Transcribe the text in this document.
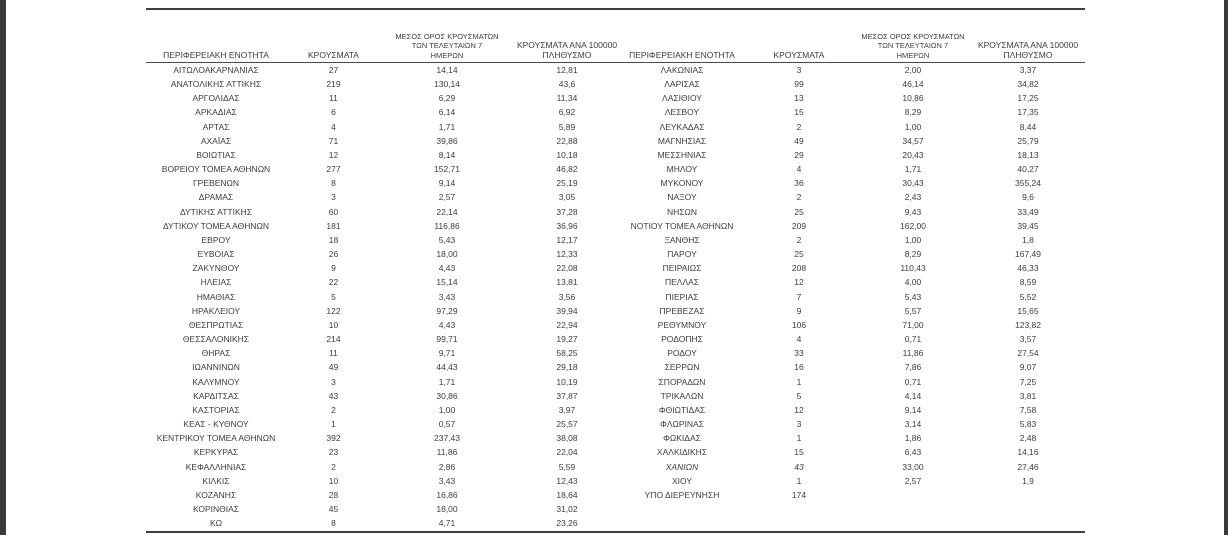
ΠΕΡΙΦΕΡΕΙΑΚΗ ΕΝΟΤΗΤΑ	ΚΡΟΥΣΜΑΤΑ	ΜΕΣΟΣ ΟΡΟΣ ΚΡΟΥΣΜΑΤΩΝ
ΤΩΝ ΤΕΛΕΥΤΑΙΩΝ 7
ΗΜΕΡΩΝ	ΚΡΟΥΣΜΑΤΑ ΑΝΑ 100000
ΠΛΗΘΥΣΜΟ	ΠΕΡΙΦΕΡΕΙΑΚΗ ΕΝΟΤΗΤΑ	ΚΡΟΥΣΜΑΤΑ	ΜΕΣΟΣ ΟΡΟΣ ΚΡΟΥΣΜΑΤΩΝ
ΤΩΝ ΤΕΛΕΥΤΑΙΩΝ 7
ΗΜΕΡΩΝ	ΚΡΟΥΣΜΑΤΑ ΑΝΑ 100000
ΠΛΗΘΥΣΜΟ

ΑΙΤΩΛΟΑΚΑΡΝΑΝΙΑΣ	27	14,14	12,81	ΛΑΚΩΝΙΑΣ	3	2,00	3,37
ΑΝΑΤΟΛΙΚΗΣ ΑΤΤΙΚΗΣ	219	130,14	43,6	ΛΑΡΙΣΑΣ	99	46,14	34,82
ΑΡΓΟΛΙΔΑΣ	11	6,29	11,34	ΛΑΣΙΘΙΟΥ	13	10,86	17,25
ΑΡΚΑΔΙΑΣ	6	6,14	6,92	ΛΕΣΒΟΥ	15	8,29	17,35
ΑΡΤΑΣ	4	1,71	5,89	ΛΕΥΚΑΔΑΣ	2	1,00	8,44
ΑΧΑΪΑΣ	71	39,86	22,88	ΜΑΓΝΗΣΙΑΣ	49	34,57	25,79
ΒΟΙΩΤΙΑΣ	12	8,14	10,18	ΜΕΣΣΗΝΙΑΣ	29	20,43	18,13
ΒΟΡΕΙΟΥ ΤΟΜΕΑ ΑΘΗΝΩΝ	277	152,71	46,82	ΜΗΛΟΥ	4	1,71	40,27
ΓΡΕΒΕΝΩΝ	8	9,14	25,19	ΜΥΚΟΝΟΥ	36	30,43	355,24
ΔΡΑΜΑΣ	3	2,57	3,05	ΝΑΞΟΥ	2	2,43	9,6
ΔΥΤΙΚΗΣ ΑΤΤΙΚΗΣ	60	22,14	37,28	ΝΗΣΩΝ	25	9,43	33,49
ΔΥΤΙΚΟΥ ΤΟΜΕΑ ΑΘΗΝΩΝ	181	116,86	36,96	ΝΟΤΙΟΥ ΤΟΜΕΑ ΑΘΗΝΩΝ	209	162,00	39,45
ΕΒΡΟΥ	18	5,43	12,17	ΞΑΝΘΗΣ	2	1,00	1,8
ΕΥΒΟΙΑΣ	26	18,00	12,33	ΠΑΡΟΥ	25	8,29	167,49
ΖΑΚΥΝΘΟΥ	9	4,43	22,08	ΠΕΙΡΑΙΩΣ	208	110,43	46,33
ΗΛΕΙΑΣ	22	15,14	13,81	ΠΕΛΛΑΣ	12	4,00	8,59
ΗΜΑΘΙΑΣ	5	3,43	3,56	ΠΙΕΡΙΑΣ	7	5,43	5,52
ΗΡΑΚΛΕΙΟΥ	122	97,29	39,94	ΠΡΕΒΕΖΑΣ	9	5,57	15,65
ΘΕΣΠΡΩΤΙΑΣ	10	4,43	22,94	ΡΕΘΥΜΝΟΥ	106	71,00	123,82
ΘΕΣΣΑΛΟΝΙΚΗΣ	214	99,71	19,27	ΡΟΔΟΠΗΣ	4	0,71	3,57
ΘΗΡΑΣ	11	9,71	58,25	ΡΟΔΟΥ	33	11,86	27,54
ΙΩΑΝΝΙΝΩΝ	49	44,43	29,18	ΣΕΡΡΩΝ	16	7,86	9,07
ΚΑΛΥΜΝΟΥ	3	1,71	10,19	ΣΠΟΡΑΔΩΝ	1	0,71	7,25
ΚΑΡΔΙΤΣΑΣ	43	30,86	37,87	ΤΡΙΚΑΛΩΝ	5	4,14	3,81
ΚΑΣΤΟΡΙΑΣ	2	1,00	3,97	ΦΘΙΩΤΙΔΑΣ	12	9,14	7,58
ΚΕΑΣ - ΚΥΘΝΟΥ	1	0,57	25,57	ΦΛΩΡΙΝΑΣ	3	3,14	5,83
ΚΕΝΤΡΙΚΟΥ ΤΟΜΕΑ ΑΘΗΝΩΝ	392	237,43	38,08	ΦΩΚΙΔΑΣ	1	1,86	2,48
ΚΕΡΚΥΡΑΣ	23	11,86	22,04	ΧΑΛΚΙΔΙΚΗΣ	15	6,43	14,16
ΚΕΦΑΛΛΗΝΙΑΣ	2	2,86	5,59	ΧΑΝΙΩΝ	43	33,00	27,46
ΚΙΛΚΙΣ	10	3,43	12,43	ΧΙΟΥ	1	2,57	1,9
ΚΟΖΑΝΗΣ	28	16,86	18,64	ΥΠΟ ΔΙΕΡΕΥΝΗΣΗ	174		
ΚΟΡΙΝΘΙΑΣ	45	18,00	31,02				
ΚΩ	8	4,71	23,26				
